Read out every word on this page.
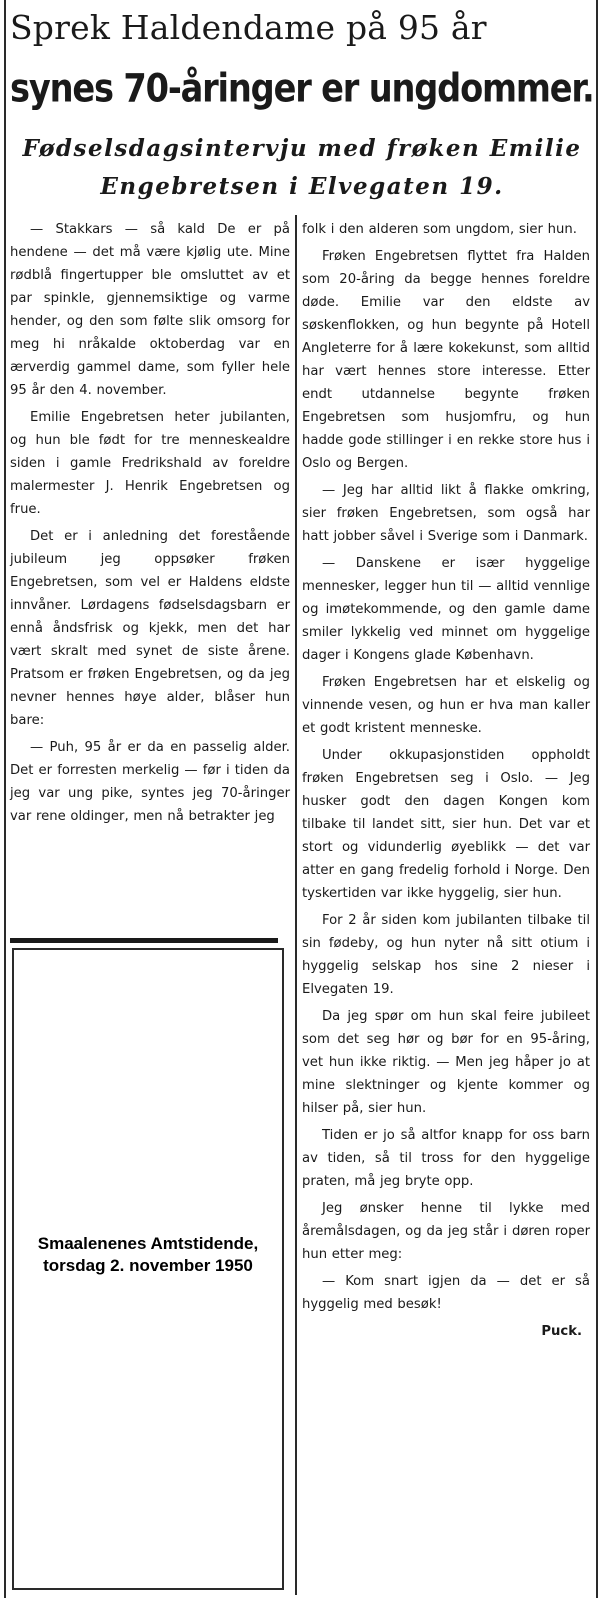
Sprek Haldendame på 95 år
synes 70-åringer er ungdommer.
Fødselsdagsintervju med frøken Emilie
Engebretsen i Elvegaten 19.

— Stakkars — så kald De er på hendene — det må være kjølig ute. Mine rødblå fingertupper ble omsluttet av et par spinkle, gjennemsiktige og varme hender, og den som følte slik omsorg for meg hi nråkalde oktoberdag var en ærverdig gammel dame, som fyller hele 95 år den 4. november.

Emilie Engebretsen heter jubilanten, og hun ble født for tre menneskealdre siden i gamle Fredrikshald av foreldre malermester J. Henrik Engebretsen og frue.

Det er i anledning det forestående jubileum jeg oppsøker frøken Engebretsen, som vel er Haldens eldste innvåner. Lørdagens fødselsdagsbarn er ennå åndsfrisk og kjekk, men det har vært skralt med synet de siste årene. Pratsom er frøken Engebretsen, og da jeg nevner hennes høye alder, blåser hun bare:

— Puh, 95 år er da en passelig alder. Det er forresten merkelig — før i tiden da jeg var ung pike, syntes jeg 70-åringer var rene oldinger, men nå betrakter jeg

Smaalenenes Amtstidende,
torsdag 2. november 1950

folk i den alderen som ungdom, sier hun.

Frøken Engebretsen flyttet fra Halden som 20-åring da begge hennes foreldre døde. Emilie var den eldste av søskenflokken, og hun begynte på Hotell Angleterre for å lære kokekunst, som alltid har vært hennes store interesse. Etter endt utdannelse begynte frøken Engebretsen som husjomfru, og hun hadde gode stillinger i en rekke store hus i Oslo og Bergen.

— Jeg har alltid likt å flakke omkring, sier frøken Engebretsen, som også har hatt jobber såvel i Sverige som i Danmark.

— Danskene er især hyggelige mennesker, legger hun til — alltid vennlige og imøtekommende, og den gamle dame smiler lykkelig ved minnet om hyggelige dager i Kongens glade København.

Frøken Engebretsen har et elskelig og vinnende vesen, og hun er hva man kaller et godt kristent menneske.

Under okkupasjonstiden oppholdt frøken Engebretsen seg i Oslo. — Jeg husker godt den dagen Kongen kom tilbake til landet sitt, sier hun. Det var et stort og vidunderlig øyeblikk — det var atter en gang fredelig forhold i Norge. Den tyskertiden var ikke hyggelig, sier hun.

For 2 år siden kom jubilanten tilbake til sin fødeby, og hun nyter nå sitt otium i hyggelig selskap hos sine 2 nieser i Elvegaten 19.

Da jeg spør om hun skal feire jubileet som det seg hør og bør for en 95-åring, vet hun ikke riktig. — Men jeg håper jo at mine slektninger og kjente kommer og hilser på, sier hun.

Tiden er jo så altfor knapp for oss barn av tiden, så til tross for den hyggelige praten, må jeg bryte opp.

Jeg ønsker henne til lykke med åremålsdagen, og da jeg står i døren roper hun etter meg:

— Kom snart igjen da — det er så hyggelig med besøk!

Puck.
